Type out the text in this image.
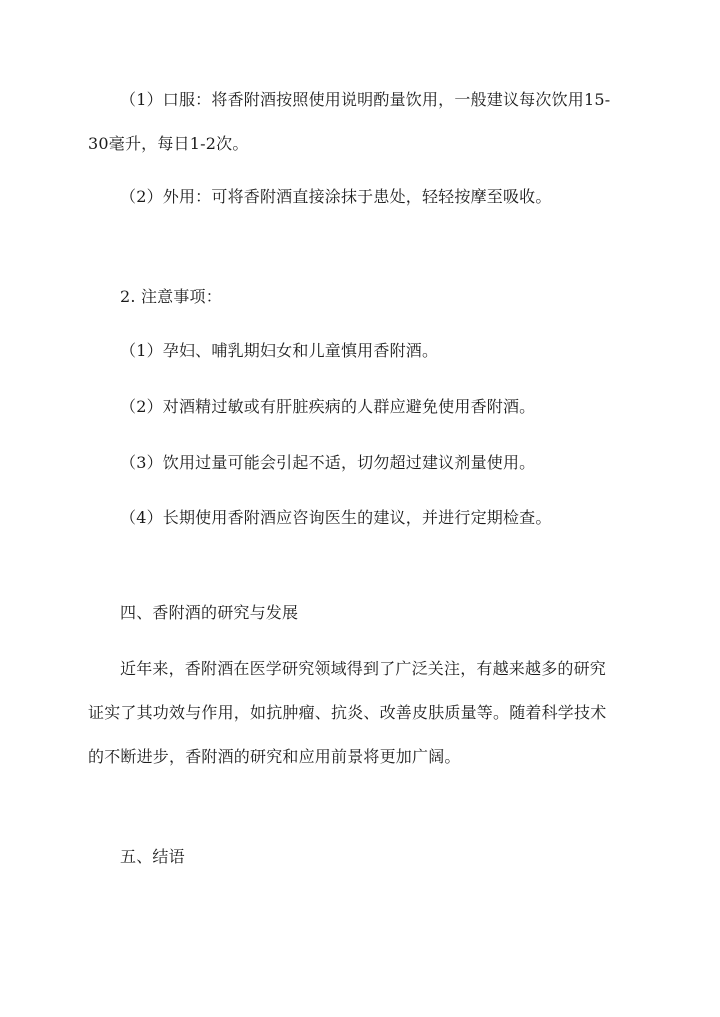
（1）口服：将香附酒按照使用说明酌量饮用，一般建议每次饮用15-
30毫升，每日1-2次。
（2）外用：可将香附酒直接涂抹于患处，轻轻按摩至吸收。
2. 注意事项：
（1）孕妇、哺乳期妇女和儿童慎用香附酒。
（2）对酒精过敏或有肝脏疾病的人群应避免使用香附酒。
（3）饮用过量可能会引起不适，切勿超过建议剂量使用。
（4）长期使用香附酒应咨询医生的建议，并进行定期检查。
四、香附酒的研究与发展
近年来，香附酒在医学研究领域得到了广泛关注，有越来越多的研究
证实了其功效与作用，如抗肿瘤、抗炎、改善皮肤质量等。随着科学技术
的不断进步，香附酒的研究和应用前景将更加广阔。
五、结语
